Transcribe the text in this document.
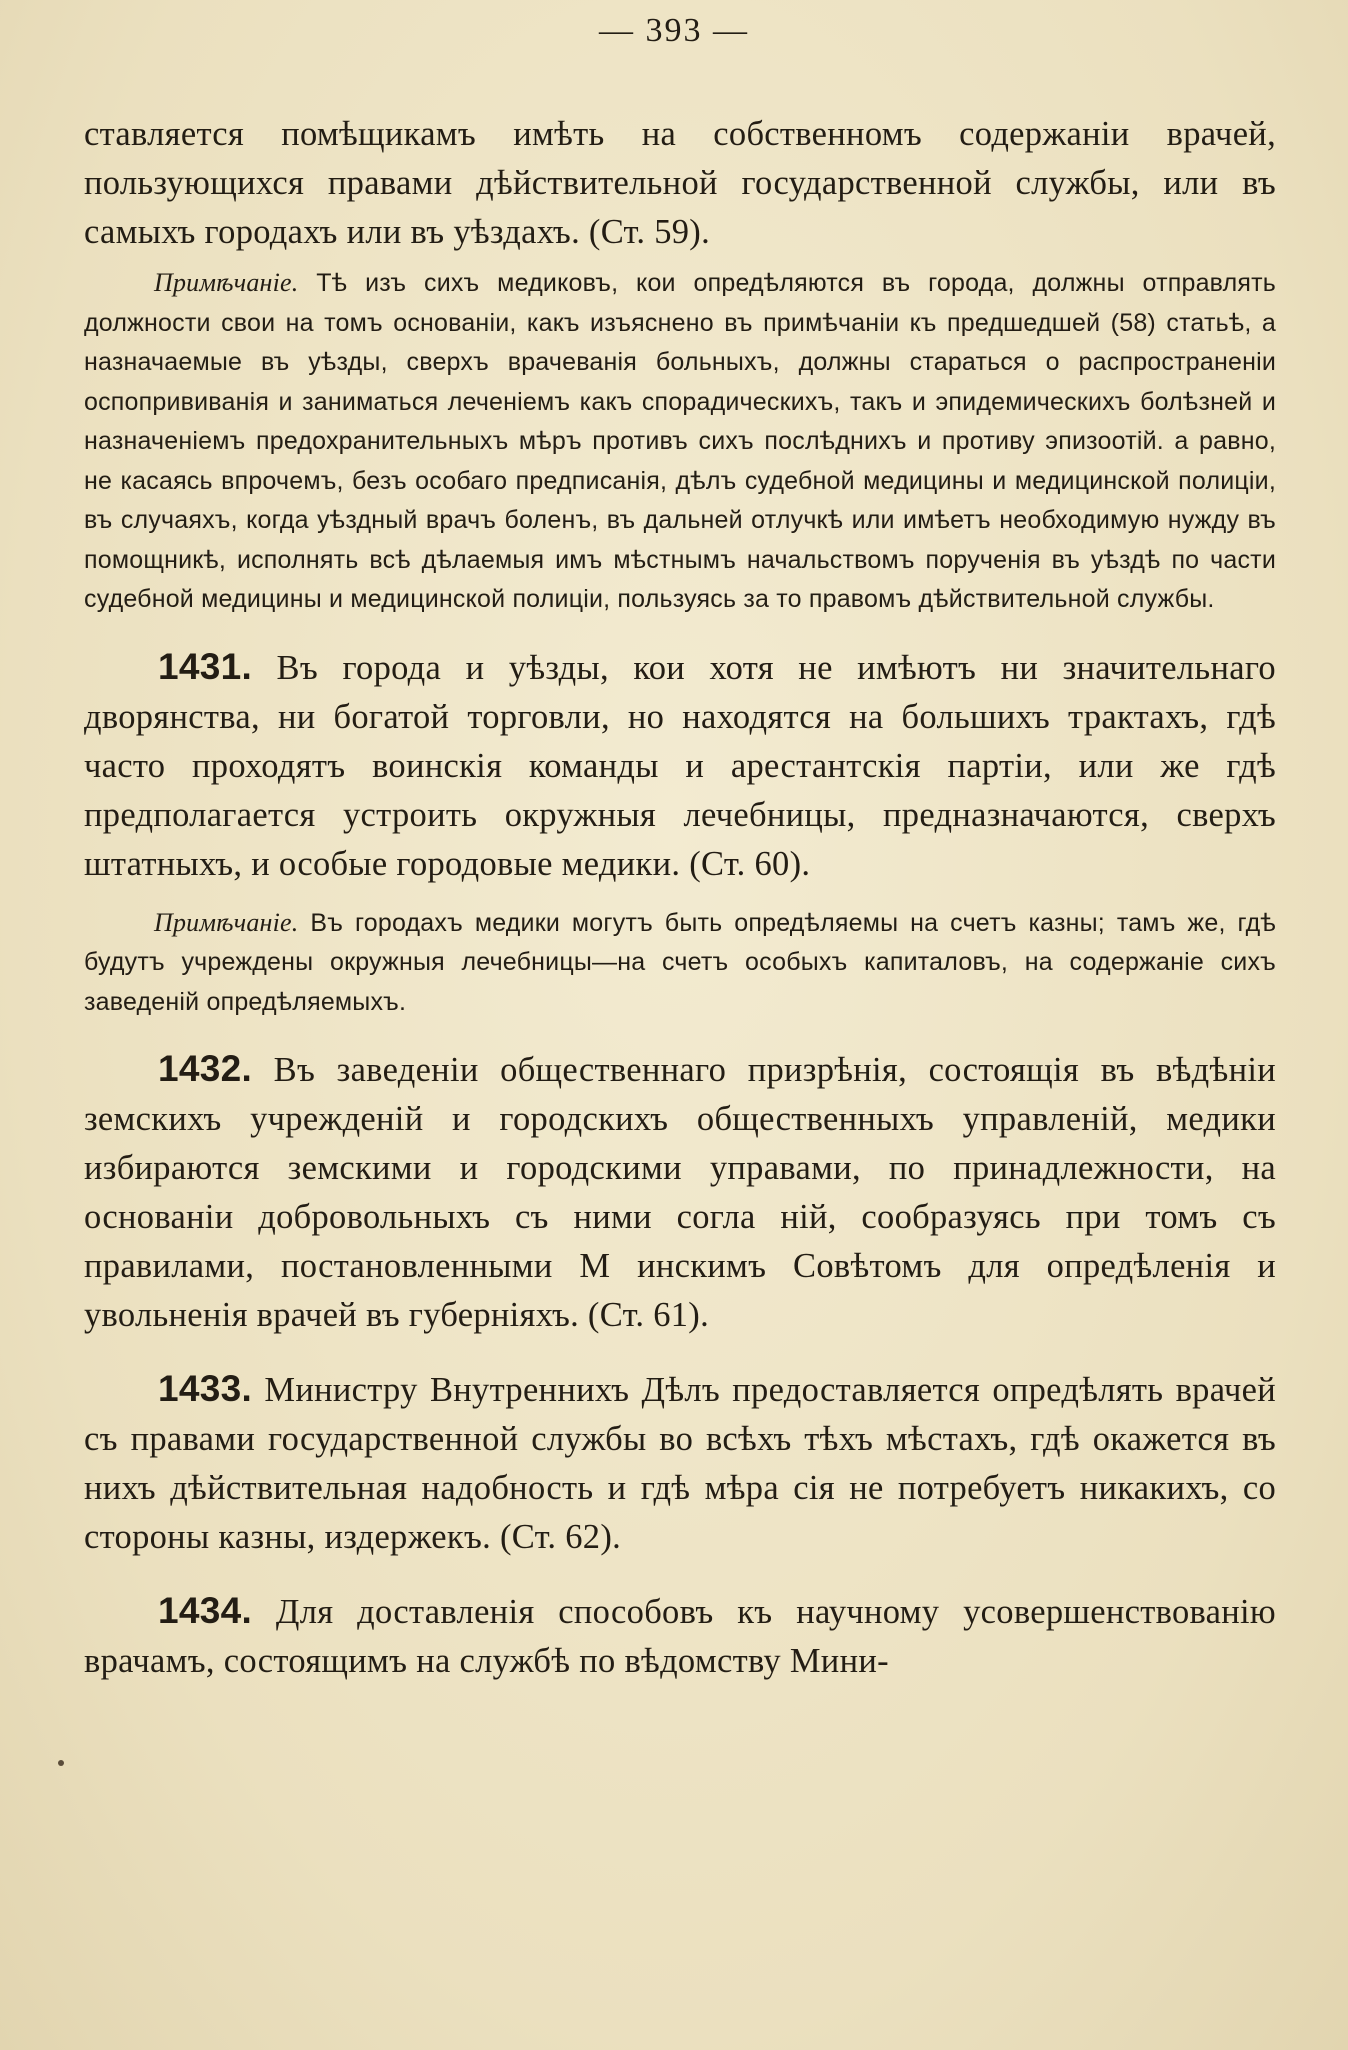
— 393 —

ставляется помѣщикамъ имѣть на собственномъ содержанiи врачей, пользующихся правами дѣйствительной государственной службы, или въ самыхъ городахъ или въ уѣздахъ. (Ст. 59).

Примѣчанiе. Тѣ изъ сихъ медиковъ, кои опредѣляются въ города, должны отправлять должности свои на томъ основанiи, какъ изъяснено въ примѣчанiи къ предшедшей (58) статьѣ, а назначаемые въ уѣзды, сверхъ врачеванiя больныхъ, должны стараться о распространенiи оспопрививанiя и заниматься леченiемъ какъ спорадическихъ, такъ и эпидемическихъ болѣзней и назначенiемъ предохранительныхъ мѣръ противъ сихъ послѣднихъ и противу эпизоотiй. а равно, не касаясь впрочемъ, безъ особаго предписанiя, дѣлъ судебной медицины и медицинской полицiи, въ случаяхъ, когда уѣздный врачъ боленъ, въ дальней отлучкѣ или имѣетъ необходимую нужду въ помощникѣ, исполнять всѣ дѣлаемыя имъ мѣстнымъ начальствомъ порученiя въ уѣздѣ по части судебной медицины и медицинской полицiи, пользуясь за то правомъ дѣйствительной службы.

1431. Въ города и уѣзды, кои хотя не имѣютъ ни значительнаго дворянства, ни богатой торговли, но находятся на большихъ трактахъ, гдѣ часто проходятъ воинскiя команды и арестантскiя партiи, или же гдѣ предполагается устроить окружныя лечебницы, предназначаются, сверхъ штатныхъ, и особые городовые медики. (Ст. 60).

Примѣчанiе. Въ городахъ медики могутъ быть опредѣляемы на счетъ казны; тамъ же, гдѣ будутъ учреждены окружныя лечебницы—на счетъ особыхъ капиталовъ, на содержанiе сихъ заведенiй опредѣляемыхъ.

1432. Въ заведенiи общественнаго призрѣнiя, состоящiя въ вѣдѣнiи земскихъ учрежденiй и городскихъ общественныхъ управленiй, медики избираются земскими и городскими управами, по принадлежности, на основанiи добровольныхъ съ ними согла нiй, сообразуясь при томъ съ правилами, постановленными М инскимъ Совѣтомъ для опредѣленiя и увольненiя врачей въ губернiяхъ. (Ст. 61).

1433. Министру Внутреннихъ Дѣлъ предоставляется опредѣлять врачей съ правами государственной службы во всѣхъ тѣхъ мѣстахъ, гдѣ окажется въ нихъ дѣйствительная надобность и гдѣ мѣра сiя не потребуетъ никакихъ, со стороны казны, издержекъ. (Ст. 62).

1434. Для доставленiя способовъ къ научному усовершенствованiю врачамъ, состоящимъ на службѣ по вѣдомству Мини-
